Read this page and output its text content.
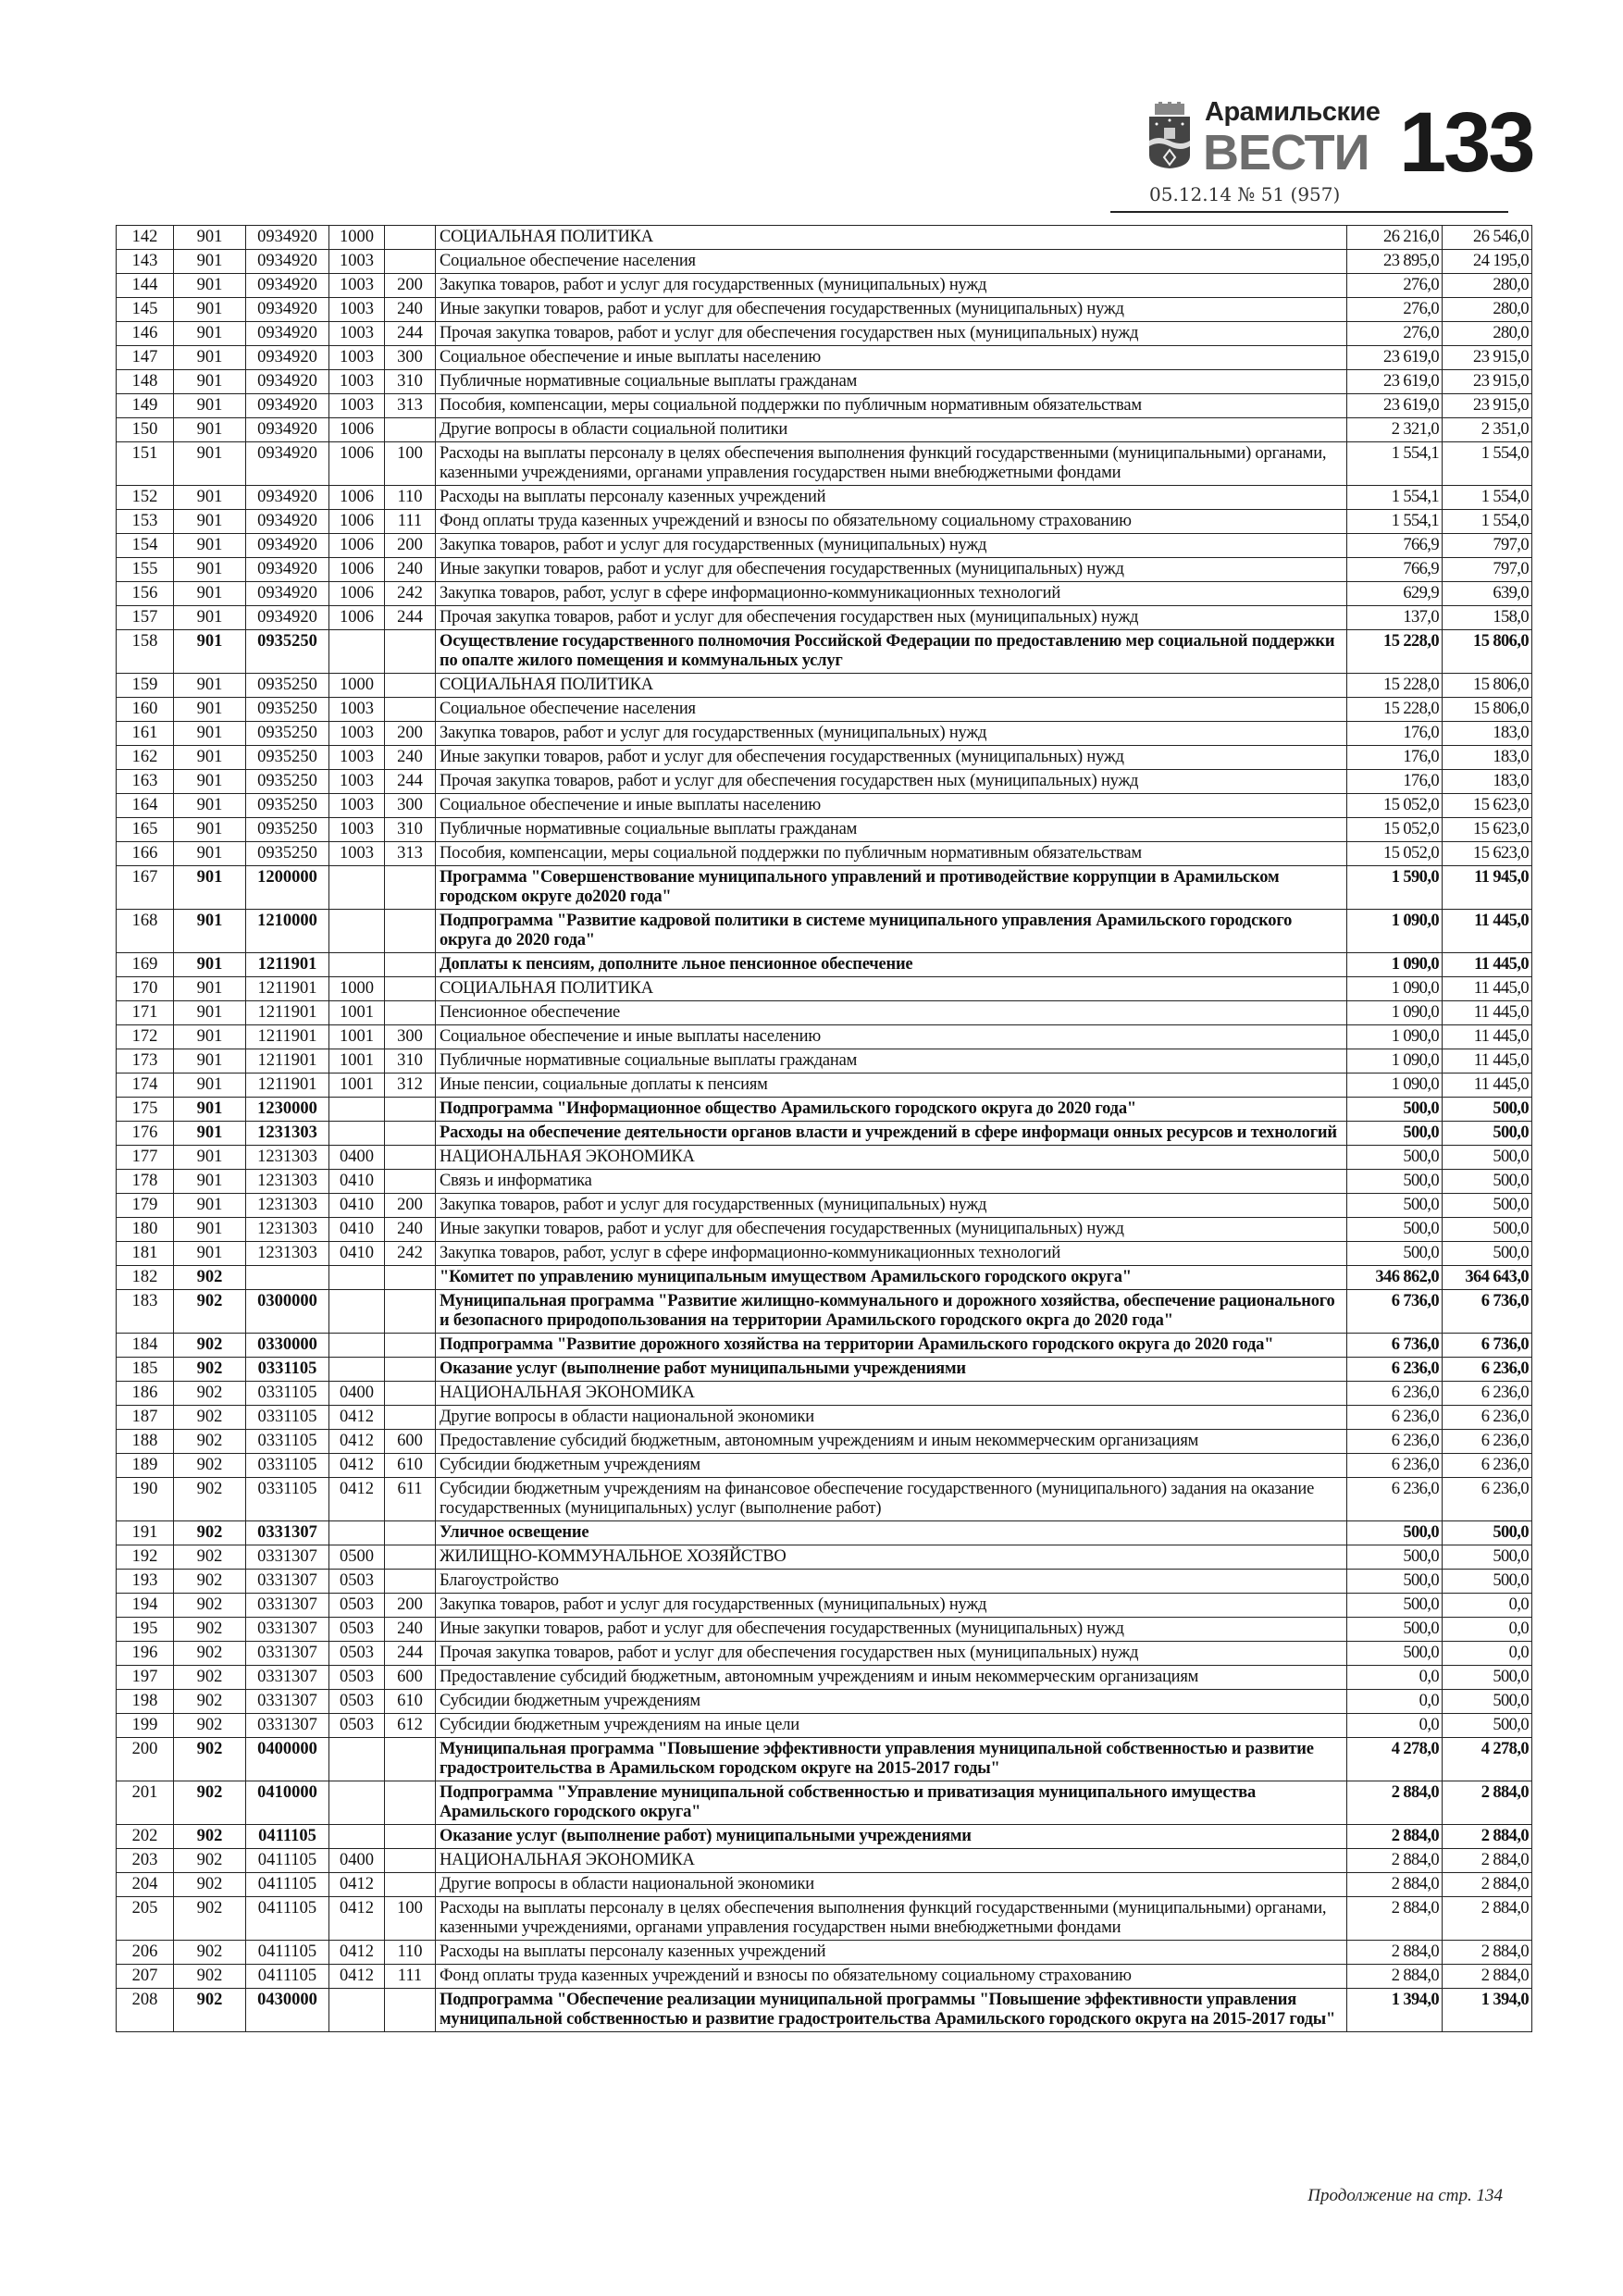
Арамильские
ВЕСТИ 133
05.12.14 № 51 (957)
142	901	0934920	1000		СОЦИАЛЬНАЯ ПОЛИТИКА	26 216,0	26 546,0
143	901	0934920	1003		Социальное обеспечение населения	23 895,0	24 195,0
144	901	0934920	1003	200	Закупка товаров, работ и услуг для государственных (муниципальных) нужд	276,0	280,0
145	901	0934920	1003	240	Иные закупки товаров, работ и услуг для обеспечения государственных (муниципальных) нужд	276,0	280,0
146	901	0934920	1003	244	Прочая закупка товаров, работ и услуг для обеспечения государствен ных (муниципальных) нужд	276,0	280,0
147	901	0934920	1003	300	Социальное обеспечение и иные выплаты населению	23 619,0	23 915,0
148	901	0934920	1003	310	Публичные нормативные социальные выплаты гражданам	23 619,0	23 915,0
149	901	0934920	1003	313	Пособия, компенсации, меры социальной поддержки по публичным нормативным обязательствам	23 619,0	23 915,0
150	901	0934920	1006		Другие вопросы в области социальной политики	2 321,0	2 351,0
151	901	0934920	1006	100	Расходы на выплаты персоналу в целях обеспечения выполнения функций государственными (муниципальными) органами, казенными учреждениями, органами управления государствен ными внебюджетными фондами	1 554,1	1 554,0
152	901	0934920	1006	110	Расходы на выплаты персоналу казенных учреждений	1 554,1	1 554,0
153	901	0934920	1006	111	Фонд оплаты труда казенных учреждений и взносы по обязательному социальному страхованию	1 554,1	1 554,0
154	901	0934920	1006	200	Закупка товаров, работ и услуг для государственных (муниципальных) нужд	766,9	797,0
155	901	0934920	1006	240	Иные закупки товаров, работ и услуг для обеспечения государственных (муниципальных) нужд	766,9	797,0
156	901	0934920	1006	242	Закупка товаров, работ, услуг в сфере информационно-коммуникационных технологий	629,9	639,0
157	901	0934920	1006	244	Прочая закупка товаров, работ и услуг для обеспечения государствен ных (муниципальных) нужд	137,0	158,0
158	901	0935250			Осуществление государственного полномочия Российской Федерации по предоставлению мер социальной поддержки по опалте жилого помещения и коммунальных услуг	15 228,0	15 806,0
159	901	0935250	1000		СОЦИАЛЬНАЯ ПОЛИТИКА	15 228,0	15 806,0
160	901	0935250	1003		Социальное обеспечение населения	15 228,0	15 806,0
161	901	0935250	1003	200	Закупка товаров, работ и услуг для государственных (муниципальных) нужд	176,0	183,0
162	901	0935250	1003	240	Иные закупки товаров, работ и услуг для обеспечения государственных (муниципальных) нужд	176,0	183,0
163	901	0935250	1003	244	Прочая закупка товаров, работ и услуг для обеспечения государствен ных (муниципальных) нужд	176,0	183,0
164	901	0935250	1003	300	Социальное обеспечение и иные выплаты населению	15 052,0	15 623,0
165	901	0935250	1003	310	Публичные нормативные социальные выплаты гражданам	15 052,0	15 623,0
166	901	0935250	1003	313	Пособия, компенсации, меры социальной поддержки по публичным нормативным обязательствам	15 052,0	15 623,0
167	901	1200000			Программа "Совершенствование муниципального управлений и противодействие коррупции в Арамильском городском округе до2020 года"	1 590,0	11 945,0
168	901	1210000			Подпрограмма "Развитие кадровой политики в системе муниципального управления Арамильского городского округа до 2020 года"	1 090,0	11 445,0
169	901	1211901			Доплаты к пенсиям, дополните льное пенсионное обеспечение	1 090,0	11 445,0
170	901	1211901	1000		СОЦИАЛЬНАЯ ПОЛИТИКА	1 090,0	11 445,0
171	901	1211901	1001		Пенсионное обеспечение	1 090,0	11 445,0
172	901	1211901	1001	300	Социальное обеспечение и иные выплаты населению	1 090,0	11 445,0
173	901	1211901	1001	310	Публичные нормативные социальные выплаты гражданам	1 090,0	11 445,0
174	901	1211901	1001	312	Иные пенсии, социальные доплаты к пенсиям	1 090,0	11 445,0
175	901	1230000			Подпрограмма "Информационное общество Арамильского городского округа до 2020 года"	500,0	500,0
176	901	1231303			Расходы на обеспечение деятельности органов власти и учреждений в сфере информаци онных ресурсов и технологий	500,0	500,0
177	901	1231303	0400		НАЦИОНАЛЬНАЯ ЭКОНОМИКА	500,0	500,0
178	901	1231303	0410		Связь и информатика	500,0	500,0
179	901	1231303	0410	200	Закупка товаров, работ и услуг для государственных (муниципальных) нужд	500,0	500,0
180	901	1231303	0410	240	Иные закупки товаров, работ и услуг для обеспечения государственных (муниципальных) нужд	500,0	500,0
181	901	1231303	0410	242	Закупка товаров, работ, услуг в сфере информационно-коммуникационных технологий	500,0	500,0
182	902				"Комитет по управлению муниципальным имуществом Арамильского городского округа"	346 862,0	364 643,0
183	902	0300000			Муниципальная программа "Развитие жилищно-коммунального и дорожного хозяйства, обеспечение рационального и безопасного природопользования на территории Арамильского городского окрга до 2020 года"	6 736,0	6 736,0
184	902	0330000			Подпрограмма "Развитие дорожного хозяйства на территории Арамильского городского округа до 2020 года"	6 736,0	6 736,0
185	902	0331105			Оказание услуг (выполнение работ муниципальными учреждениями	6 236,0	6 236,0
186	902	0331105	0400		НАЦИОНАЛЬНАЯ ЭКОНОМИКА	6 236,0	6 236,0
187	902	0331105	0412		Другие вопросы в области национальной экономики	6 236,0	6 236,0
188	902	0331105	0412	600	Предоставление субсидий бюджетным, автономным учреждениям и иным некоммерческим организациям	6 236,0	6 236,0
189	902	0331105	0412	610	Субсидии бюджетным учреждениям	6 236,0	6 236,0
190	902	0331105	0412	611	Субсидии бюджетным учреждениям на финансовое обеспечение государственного (муниципального) задания на оказание государственных (муниципальных) услуг (выполнение работ)	6 236,0	6 236,0
191	902	0331307			Уличное освещение	500,0	500,0
192	902	0331307	0500		ЖИЛИЩНО-КОММУНАЛЬНОЕ ХОЗЯЙСТВО	500,0	500,0
193	902	0331307	0503		Благоустройство	500,0	500,0
194	902	0331307	0503	200	Закупка товаров, работ и услуг для государственных (муниципальных) нужд	500,0	0,0
195	902	0331307	0503	240	Иные закупки товаров, работ и услуг для обеспечения государственных (муниципальных) нужд	500,0	0,0
196	902	0331307	0503	244	Прочая закупка товаров, работ и услуг для обеспечения государствен ных (муниципальных) нужд	500,0	0,0
197	902	0331307	0503	600	Предоставление субсидий бюджетным, автономным учреждениям и иным некоммерческим организациям	0,0	500,0
198	902	0331307	0503	610	Субсидии бюджетным учреждениям	0,0	500,0
199	902	0331307	0503	612	Субсидии бюджетным учреждениям на иные цели	0,0	500,0
200	902	0400000			Муниципальная программа "Повышение эффективности управления муниципальной собственностью и развитие градостроительства в Арамильском городском округе на 2015-2017 годы"	4 278,0	4 278,0
201	902	0410000			Подпрограмма "Управление муниципальной собственностью и приватизация муниципального имущества Арамильского городского округа"	2 884,0	2 884,0
202	902	0411105			Оказание услуг (выполнение работ) муниципальными учреждениями	2 884,0	2 884,0
203	902	0411105	0400		НАЦИОНАЛЬНАЯ ЭКОНОМИКА	2 884,0	2 884,0
204	902	0411105	0412		Другие вопросы в области национальной экономики	2 884,0	2 884,0
205	902	0411105	0412	100	Расходы на выплаты персоналу в целях обеспечения выполнения функций государственными (муниципальными) органами, казенными учреждениями, органами управления государствен ными внебюджетными фондами	2 884,0	2 884,0
206	902	0411105	0412	110	Расходы на выплаты персоналу казенных учреждений	2 884,0	2 884,0
207	902	0411105	0412	111	Фонд оплаты труда казенных учреждений и взносы по обязательному социальному страхованию	2 884,0	2 884,0
208	902	0430000			Подпрограмма "Обеспечение реализации муниципальной программы "Повышение эффективности управления муниципальной собственностью и развитие градостроительства Арамильского городского округа на 2015-2017 годы"	1 394,0	1 394,0
Продолжение на стр. 134
